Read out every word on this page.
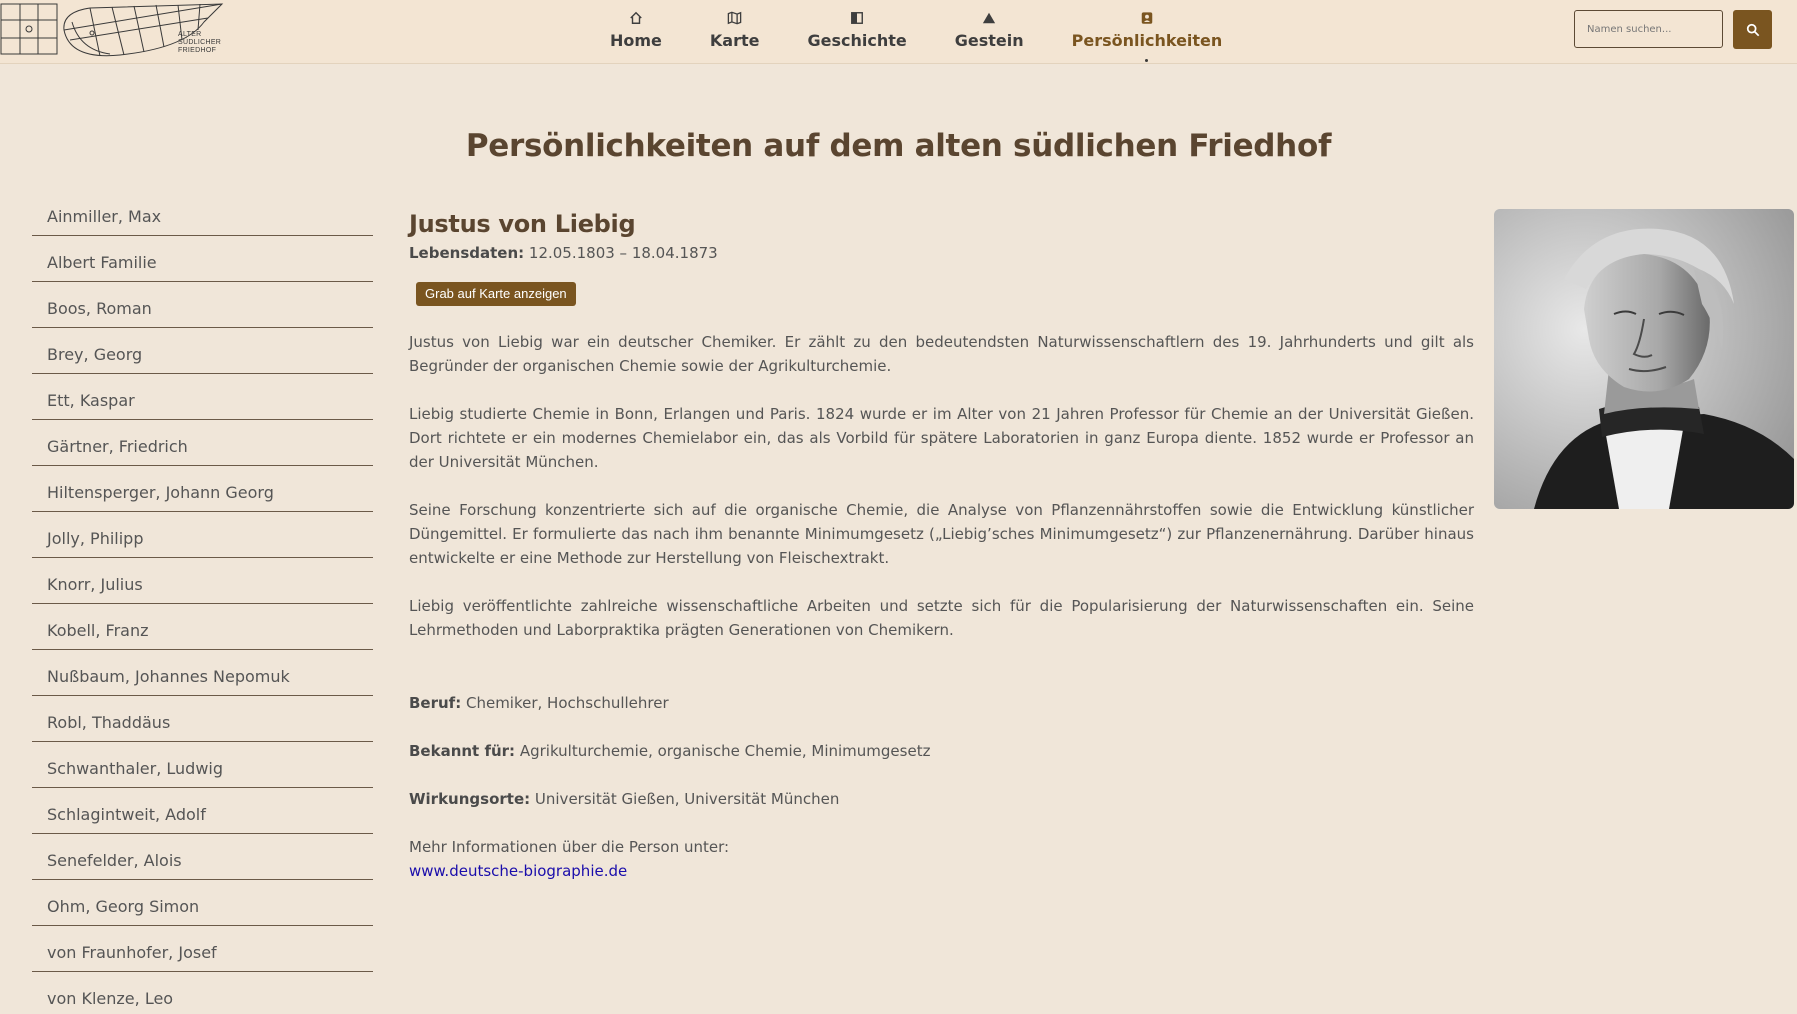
ALTER
SÜDLICHER
FRIEDHOF
Home	Karte	Geschichte	Gestein	Persönlichkeiten
Namen suchen...
Persönlichkeiten auf dem alten südlichen Friedhof
Ainmiller, Max
Albert Familie
Boos, Roman
Brey, Georg
Ett, Kaspar
Gärtner, Friedrich
Hiltensperger, Johann Georg
Jolly, Philipp
Knorr, Julius
Kobell, Franz
Nußbaum, Johannes Nepomuk
Robl, Thaddäus
Schwanthaler, Ludwig
Schlagintweit, Adolf
Senefelder, Alois
Ohm, Georg Simon
von Fraunhofer, Josef
von Klenze, Leo
Justus von Liebig
Lebensdaten: 12.05.1803 – 18.04.1873
Grab auf Karte anzeigen

Justus von Liebig war ein deutscher Chemiker. Er zählt zu den bedeutendsten Naturwissenschaftlern des 19. Jahrhunderts und gilt als Begründer der organischen Chemie sowie der Agrikulturchemie.

Liebig studierte Chemie in Bonn, Erlangen und Paris. 1824 wurde er im Alter von 21 Jahren Professor für Chemie an der Universität Gießen. Dort richtete er ein modernes Chemielabor ein, das als Vorbild für spätere Laboratorien in ganz Europa diente. 1852 wurde er Professor an der Universität München.

Seine Forschung konzentrierte sich auf die organische Chemie, die Analyse von Pflanzennährstoffen sowie die Entwicklung künstlicher Düngemittel. Er formulierte das nach ihm benannte Minimumgesetz („Liebig’sches Minimumgesetz“) zur Pflanzenernährung. Darüber hinaus entwickelte er eine Methode zur Herstellung von Fleischextrakt.

Liebig veröffentlichte zahlreiche wissenschaftliche Arbeiten und setzte sich für die Popularisierung der Naturwissenschaften ein. Seine Lehrmethoden und Laborpraktika prägten Generationen von Chemikern.

Beruf: Chemiker, Hochschullehrer
Bekannt für: Agrikulturchemie, organische Chemie, Minimumgesetz
Wirkungsorte: Universität Gießen, Universität München
Mehr Informationen über die Person unter:
www.deutsche-biographie.de
